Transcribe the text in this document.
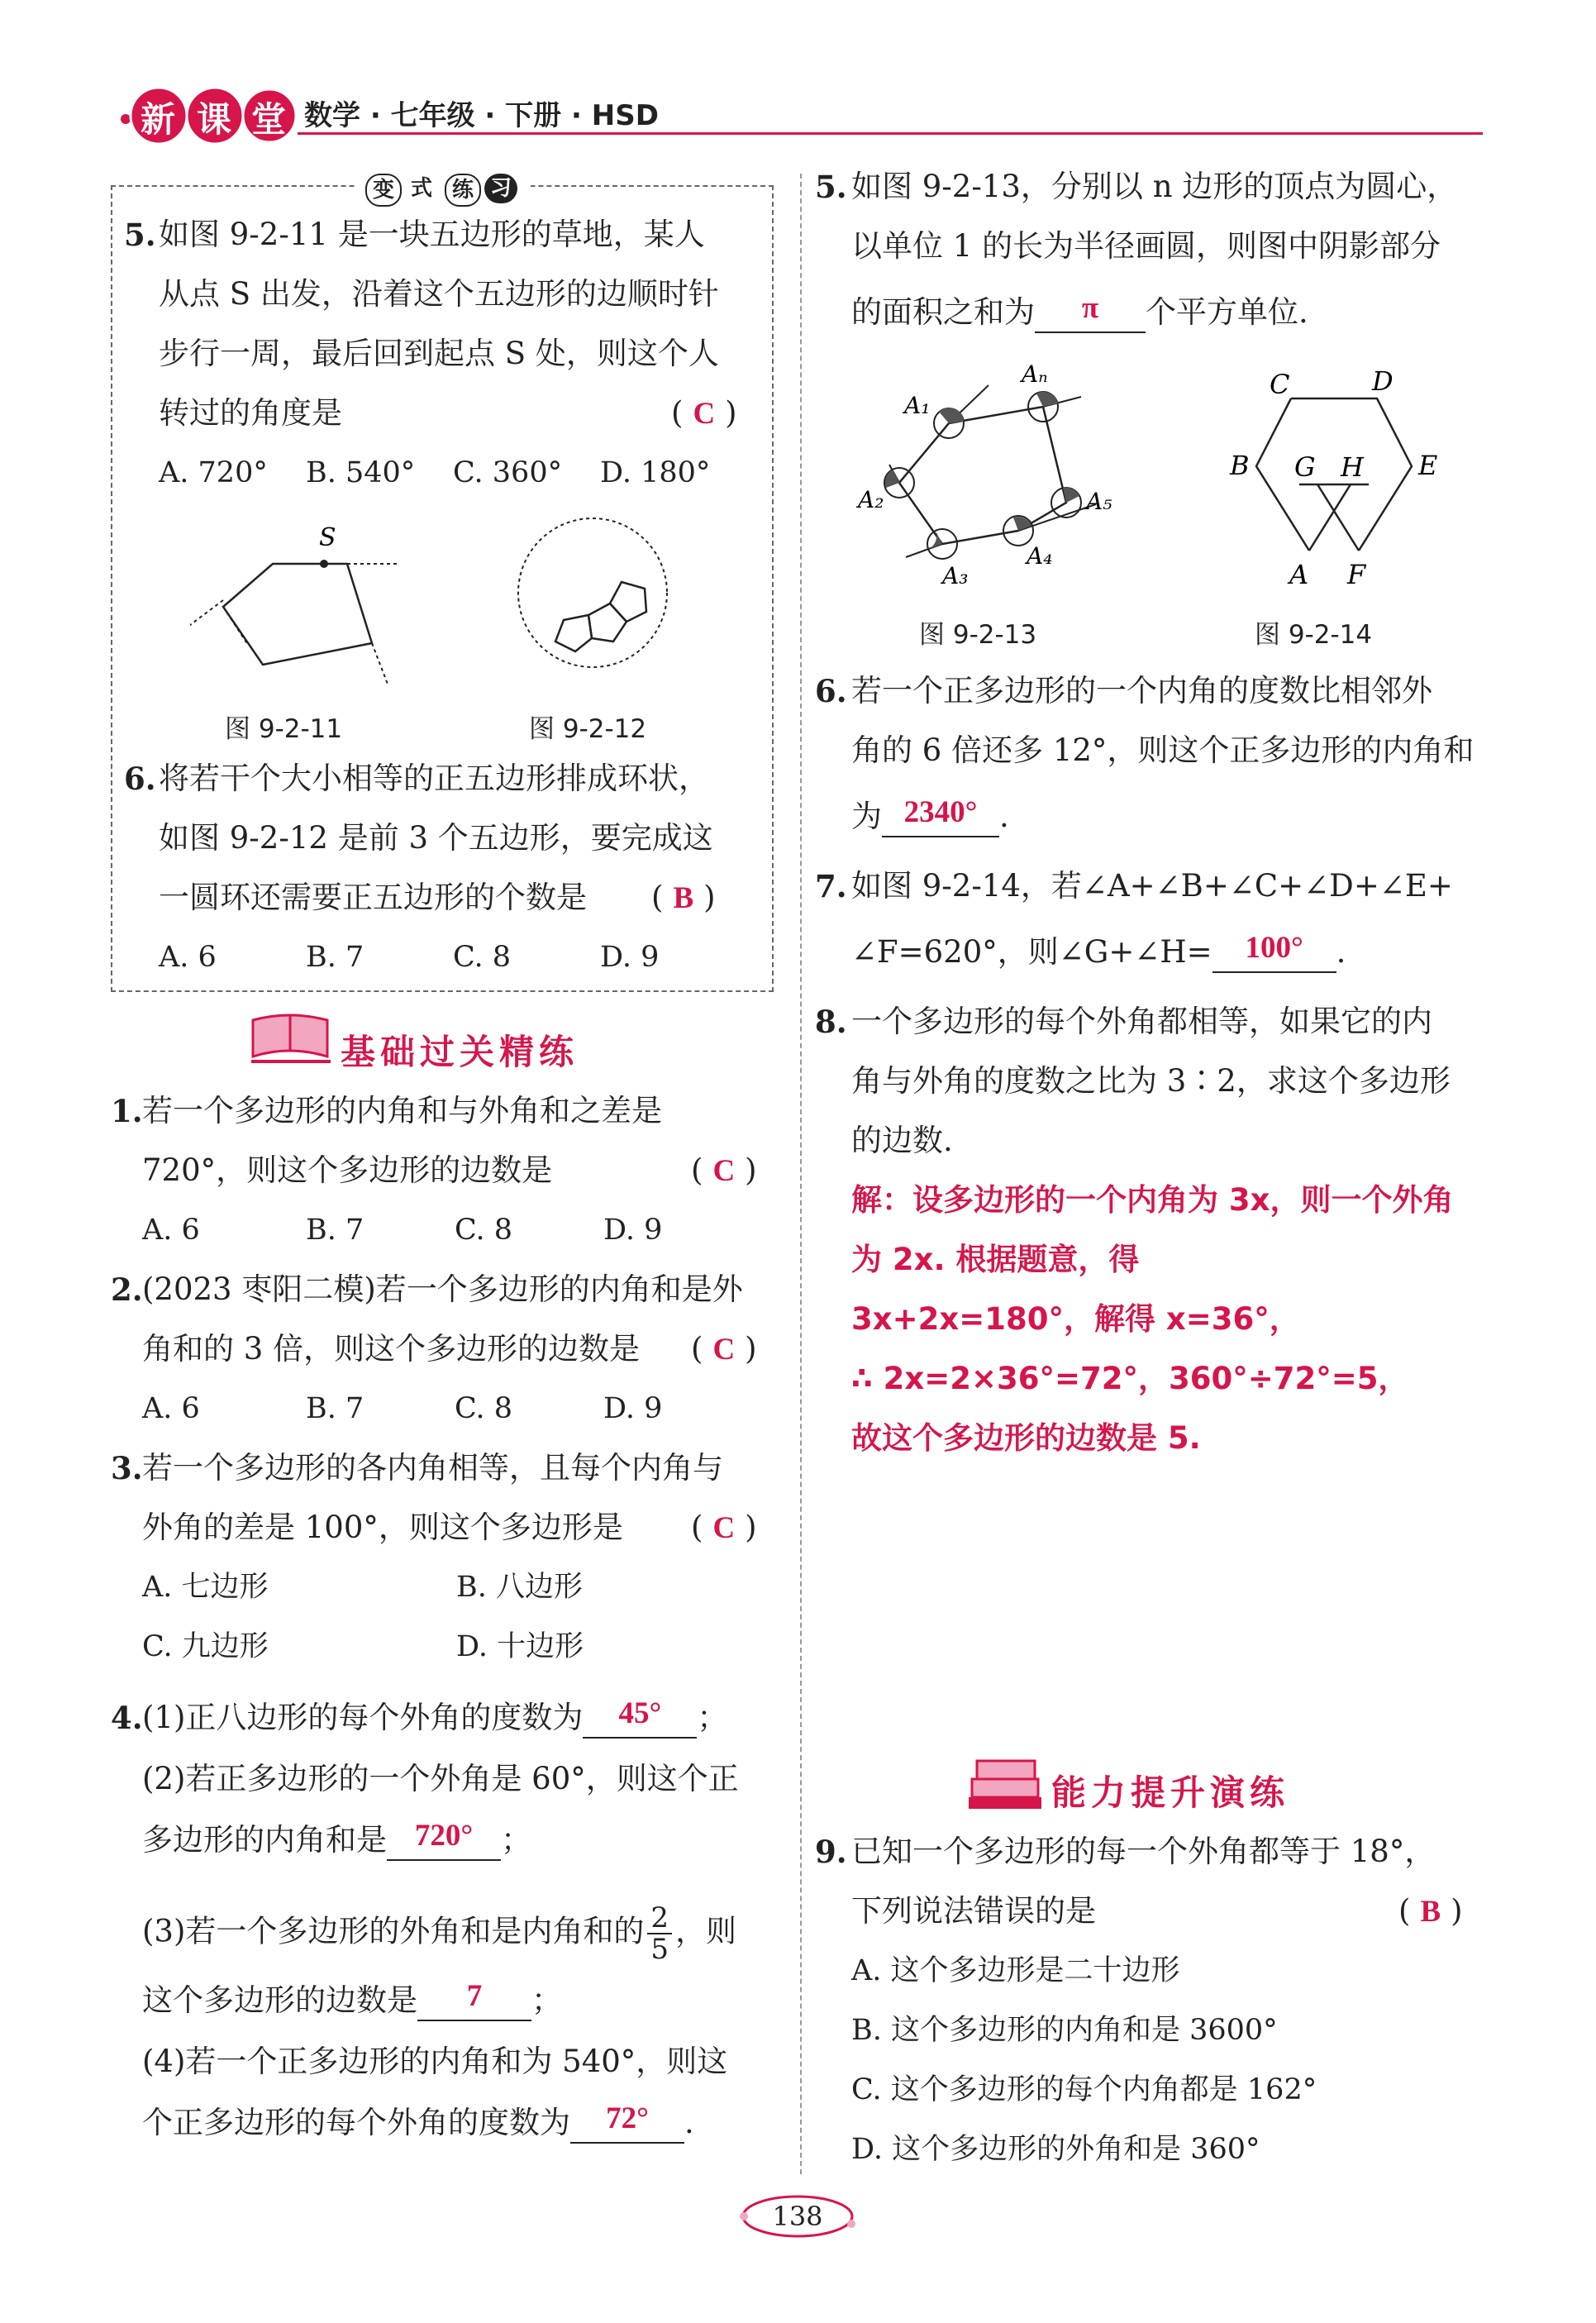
新 课 堂 数学 · 七年级 · 下册 · HSD
变 式 练 习
5. 如图 9-2-11 是一块五边形的草地，某人
从点 S 出发，沿着这个五边形的边顺时针
步行一周，最后回到起点 S 处，则这个人
转过的角度是	( C )
A. 720° B. 540° C. 360° D. 180°
S
图 9-2-11	图 9-2-12
6. 将若干个大小相等的正五边形排成环状，
如图 9-2-12 是前 3 个五边形，要完成这
一圆环还需要正五边形的个数是 ( B )
A. 6	B. 7	C. 8	D. 9
基础过关精练
1. 若一个多边形的内角和与外角和之差是
720°，则这个多边形的边数是	( C )
A. 6	B. 7	C. 8	D. 9
2. (2023 枣阳二模)若一个多边形的内角和是外
角和的 3 倍，则这个多边形的边数是 ( C )
A. 6	B. 7	C. 8	D. 9
3. 若一个多边形的各内角相等，且每个内角与
外角的差是 100°，则这个多边形是 ( C )
A. 七边形	B. 八边形
C. 九边形	D. 十边形
4. (1)正八边形的每个外角的度数为 45° ；
(2)若正多边形的一个外角是 60°，则这个正
多边形的内角和是 720° ；
(3)若一个多边形的外角和是内角和的 $\frac{2}{5}$ ，则
这个多边形的边数是 7 ；
(4)若一个正多边形的内角和为 540°，则这
个正多边形的每个外角的度数为 72° .
5. 如图 9-2-13，分别以 n 边形的顶点为圆心，
以单位 1 的长为半径画圆，则图中阴影部分
的面积之和为 π 个平方单位.
A₁
Aₙ
A₂
A₃
A₄
A₅
图 9-2-13
C	D
B	E
G H
A F
图 9-2-14
6. 若一个正多边形的一个内角的度数比相邻外
角的 6 倍还多 12°，则这个正多边形的内角和
为 2340° .
7. 如图 9-2-14，若∠A+∠B+∠C+∠D+∠E+
∠F=620°，则∠G+∠H= 100° .
8. 一个多边形的每个外角都相等，如果它的内
角与外角的度数之比为 3∶2，求这个多边形
的边数.
解：设多边形的一个内角为 3x，则一个外角
为 2x. 根据题意，得
3x+2x=180°，解得 x=36°，
∴ 2x=2×36°=72°，360°÷72°=5，
故这个多边形的边数是 5.
能力提升演练
9. 已知一个多边形的每一个外角都等于 18°，
下列说法错误的是	( B )
A. 这个多边形是二十边形
B. 这个多边形的内角和是 3600°
C. 这个多边形的每个内角都是 162°
D. 这个多边形的外角和是 360°
138
